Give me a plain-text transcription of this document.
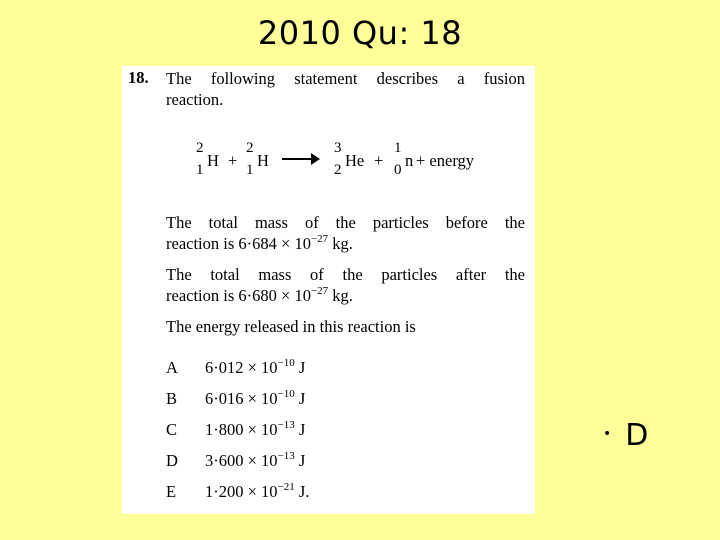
2010 Qu: 18
18. The following statement describes a fusion
reaction.
2
1 H +
2
1 H →
3
2 He +
1
0 n + energy
The total mass of the particles before the
reaction is $6\cdot 684 \times 10^{-27}$ kg.
The total mass of the particles after the
reaction is $6\cdot 680 \times 10^{-27}$ kg.
The energy released in this reaction is
A $6\cdot 012 \times 10^{-10}$ J
B $6\cdot 016 \times 10^{-10}$ J
C $1\cdot 800 \times 10^{-13}$ J
D $3\cdot 600 \times 10^{-13}$ J
E $1\cdot 200 \times 10^{-21}$ J.
• D
